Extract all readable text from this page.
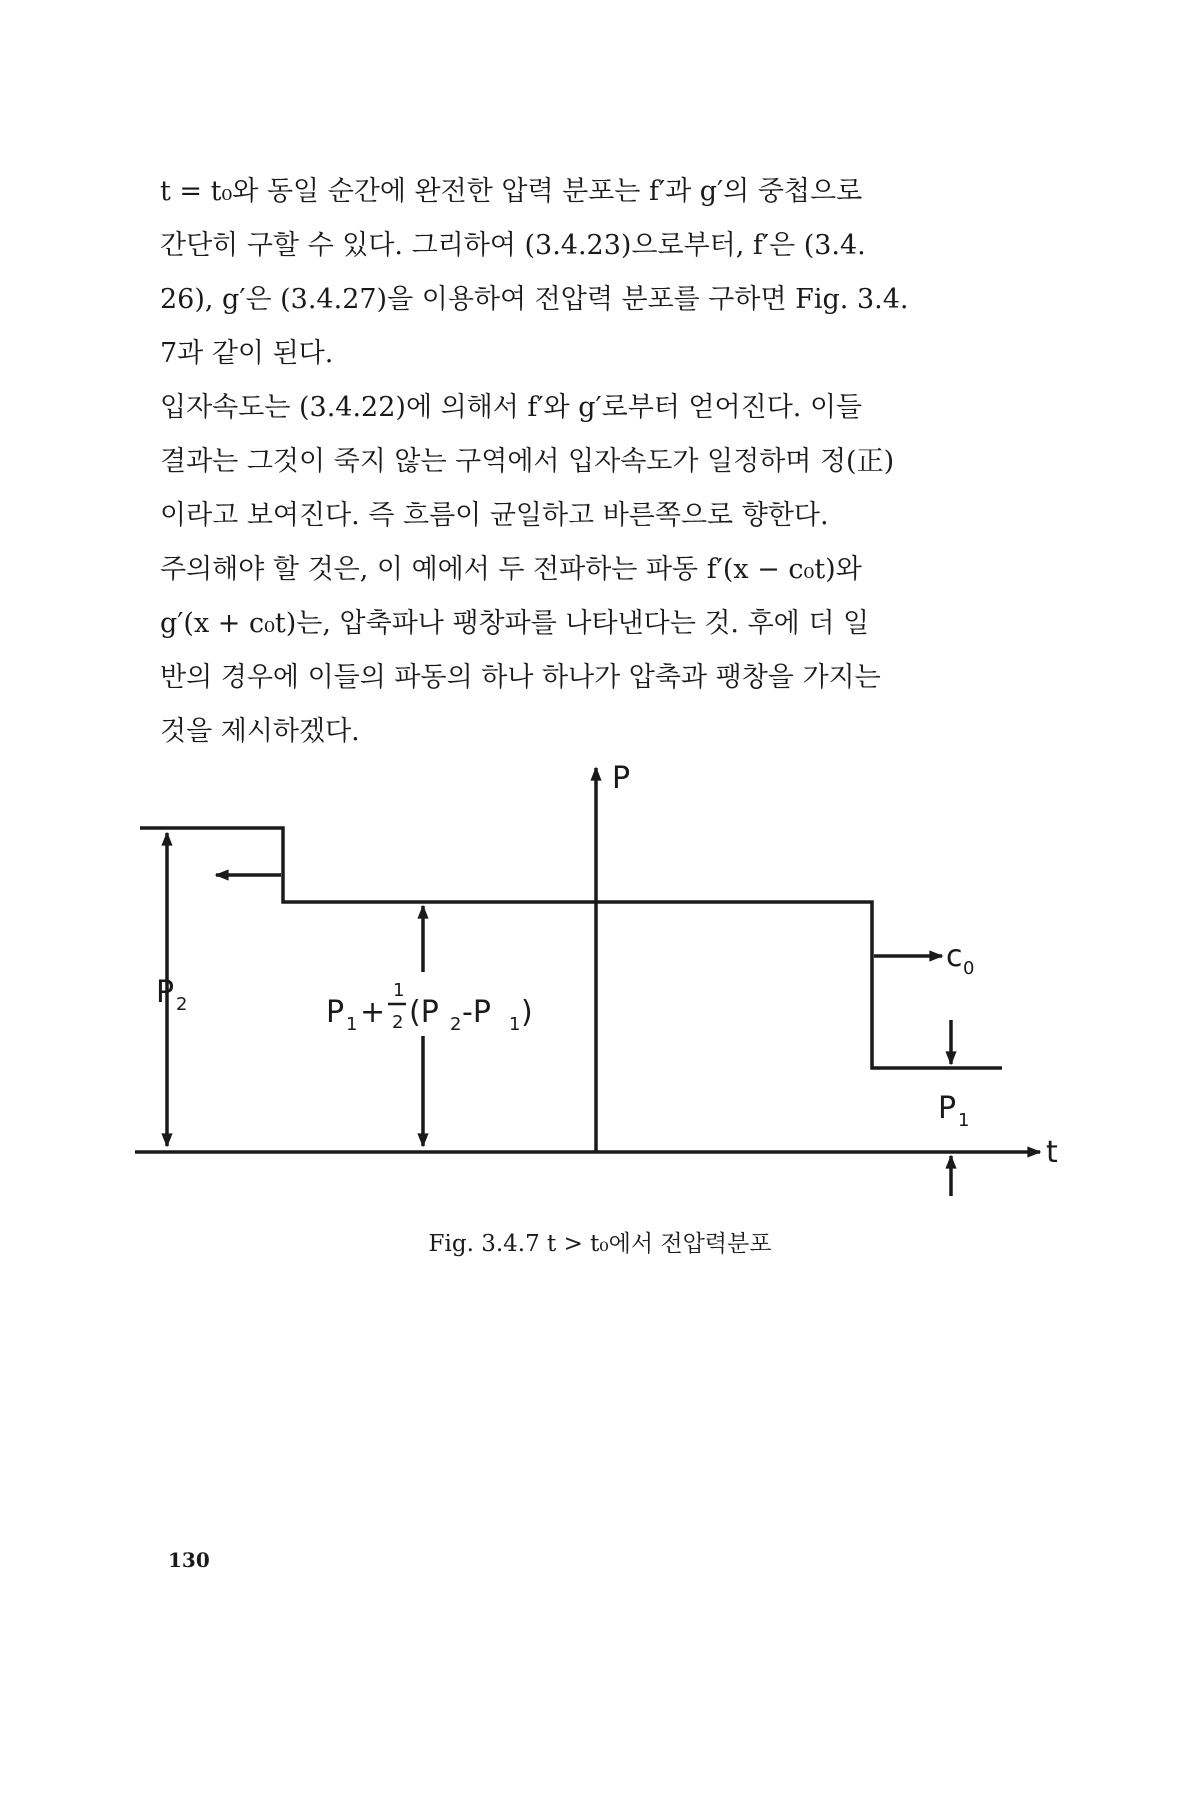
t = t₀와 동일 순간에 완전한 압력 분포는 f′과 g′의 중첩으로
간단히 구할 수 있다. 그리하여 (3.4.23)으로부터, f′은 (3.4.
26), g′은 (3.4.27)을 이용하여 전압력 분포를 구하면 Fig. 3.4.
7과 같이 된다.

입자속도는 (3.4.22)에 의해서 f′와 g′로부터 얻어진다. 이들
결과는 그것이 죽지 않는 구역에서 입자속도가 일정하며 정(正)
이라고 보여진다. 즉 흐름이 균일하고 바른쪽으로 향한다.

주의해야 할 것은, 이 예에서 두 전파하는 파동 f′(x − c₀t)와
g′(x + c₀t)는, 압축파나 팽창파를 나타낸다는 것. 후에 더 일
반의 경우에 이들의 파동의 하나 하나가 압축과 팽창을 가지는
것을 제시하겠다.

P
t
P 2
c 0
P 1
P 1 +
1
2 (P 2 -P 1 )
Fig. 3.4.7 t > t₀에서 전압력분포
130
